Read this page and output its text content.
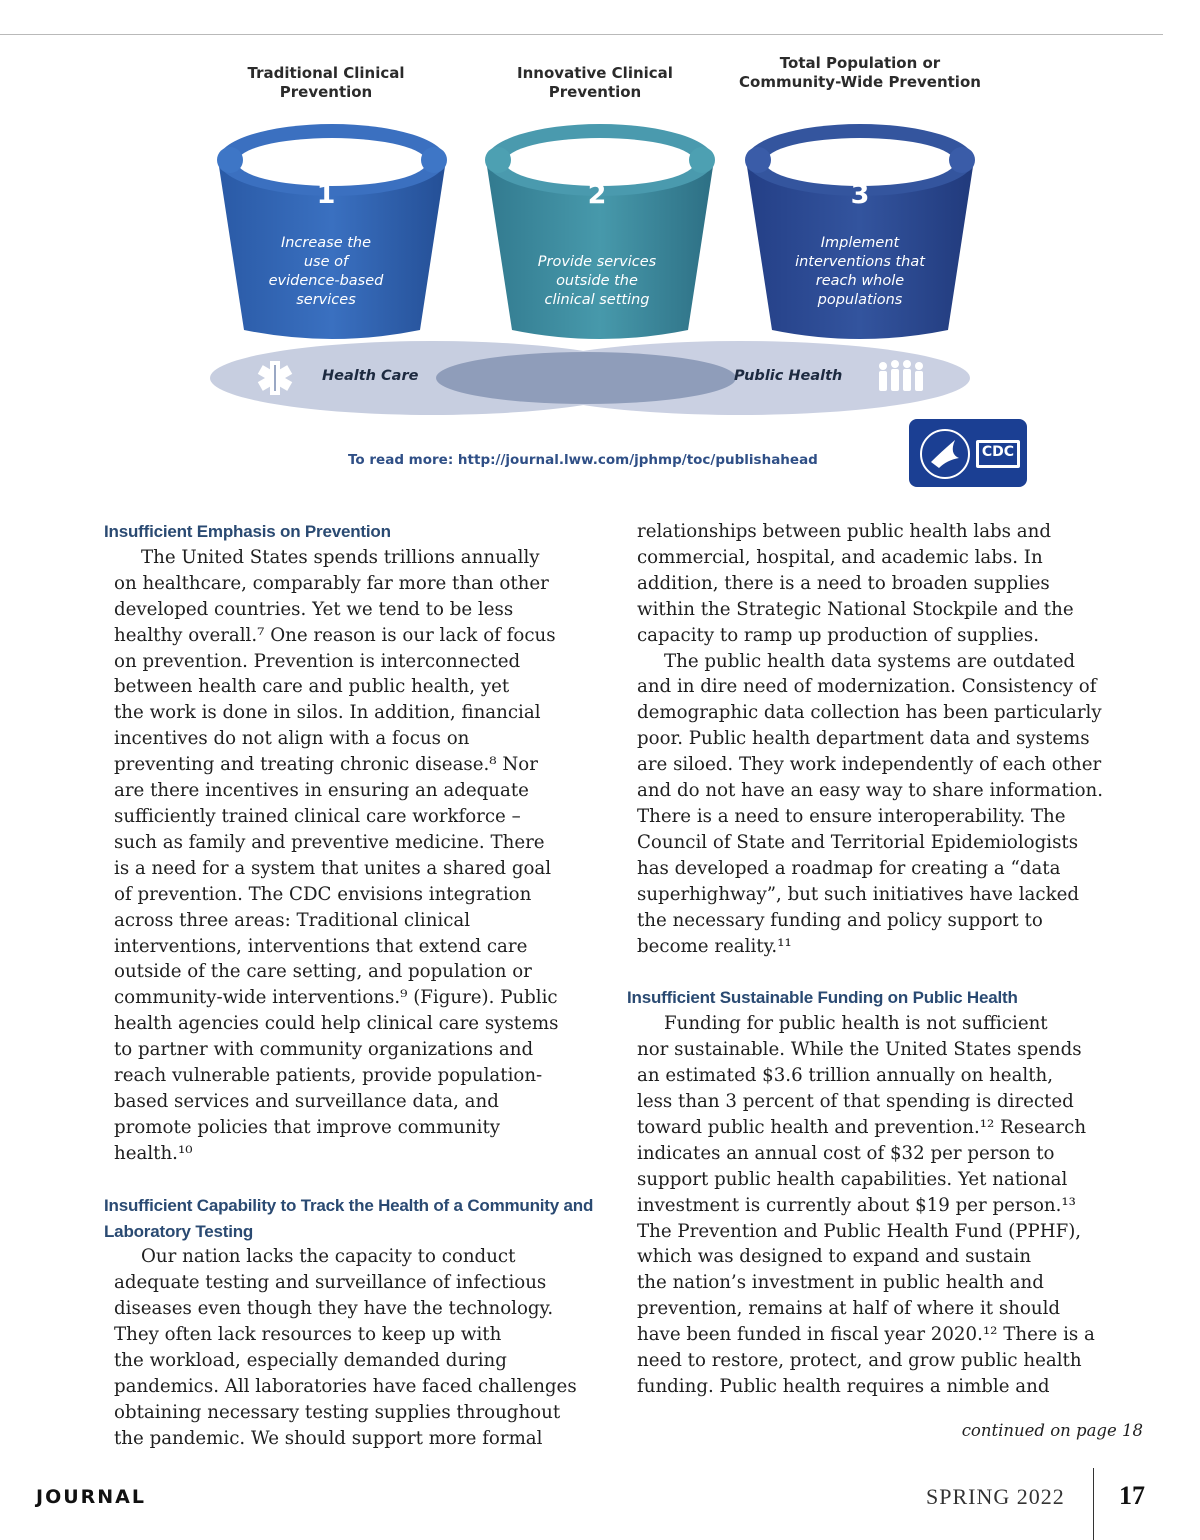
Traditional Clinical
Prevention
Innovative Clinical
Prevention
Total Population or
Community-Wide Prevention
1	2	3
Increase the
use of
evidence-based
services
Provide services
outside the
clinical setting
Implement
interventions that
reach whole
populations
Health Care	Public Health
To read more: http://journal.lww.com/jphmp/toc/publishahead	CDC
Insufficient Emphasis on Prevention

The United States spends trillions annually
on healthcare, comparably far more than other
developed countries. Yet we tend to be less
healthy overall.⁷ One reason is our lack of focus
on prevention. Prevention is interconnected
between health care and public health, yet
the work is done in silos. In addition, financial
incentives do not align with a focus on
preventing and treating chronic disease.⁸ Nor
are there incentives in ensuring an adequate
sufficiently trained clinical care workforce –
such as family and preventive medicine. There
is a need for a system that unites a shared goal
of prevention. The CDC envisions integration
across three areas: Traditional clinical
interventions, interventions that extend care
outside of the care setting, and population or
community-wide interventions.⁹ (Figure). Public
health agencies could help clinical care systems
to partner with community organizations and
reach vulnerable patients, provide population-
based services and surveillance data, and
promote policies that improve community
health.¹⁰

Insufficient Capability to Track the Health of a Community and
Laboratory Testing

Our nation lacks the capacity to conduct
adequate testing and surveillance of infectious
diseases even though they have the technology.
They often lack resources to keep up with
the workload, especially demanded during
pandemics. All laboratories have faced challenges
obtaining necessary testing supplies throughout
the pandemic. We should support more formal

relationships between public health labs and
commercial, hospital, and academic labs. In
addition, there is a need to broaden supplies
within the Strategic National Stockpile and the
capacity to ramp up production of supplies.

The public health data systems are outdated
and in dire need of modernization. Consistency of
demographic data collection has been particularly
poor. Public health department data and systems
are siloed. They work independently of each other
and do not have an easy way to share information.
There is a need to ensure interoperability. The
Council of State and Territorial Epidemiologists
has developed a roadmap for creating a “data
superhighway”, but such initiatives have lacked
the necessary funding and policy support to
become reality.¹¹

Insufficient Sustainable Funding on Public Health

Funding for public health is not sufficient
nor sustainable. While the United States spends
an estimated $3.6 trillion annually on health,
less than 3 percent of that spending is directed
toward public health and prevention.¹² Research
indicates an annual cost of $32 per person to
support public health capabilities. Yet national
investment is currently about $19 per person.¹³
The Prevention and Public Health Fund (PPHF),
which was designed to expand and sustain
the nation’s investment in public health and
prevention, remains at half of where it should
have been funded in fiscal year 2020.¹² There is a
need to restore, protect, and grow public health
funding. Public health requires a nimble and

continued on page 18
JOURNAL	SPRING 2022 17
